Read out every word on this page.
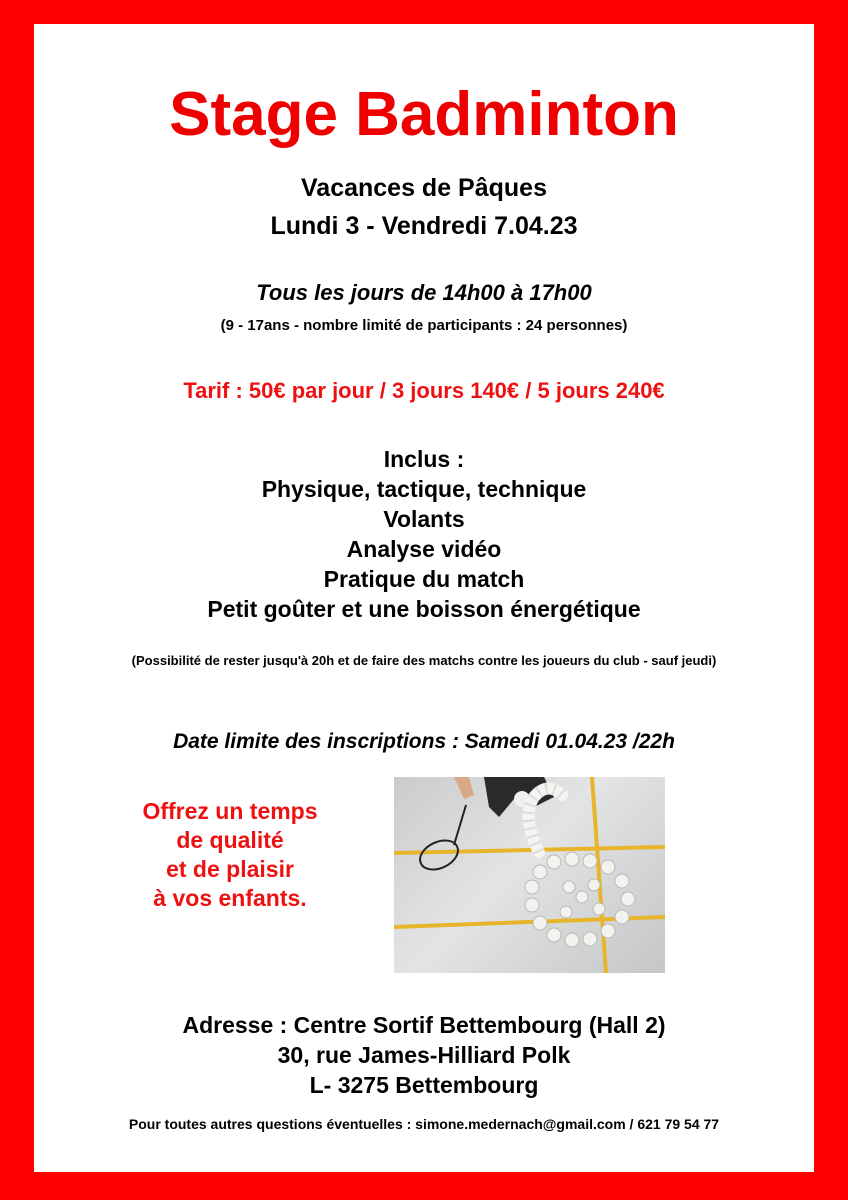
Stage Badminton
Vacances de Pâques
Lundi 3 - Vendredi 7.04.23
Tous les jours de 14h00 à 17h00
(9 - 17ans - nombre limité de participants : 24 personnes)
Tarif : 50€ par jour / 3 jours 140€ / 5 jours 240€
Inclus :
Physique, tactique, technique
Volants
Analyse vidéo
Pratique du match
Petit goûter et une boisson énergétique
(Possibilité de rester jusqu'à 20h et de faire des matchs contre les joueurs du club - sauf jeudi)
Date limite des inscriptions : Samedi 01.04.23 /22h
Offrez un temps
de qualité
et de plaisir
à vos enfants.
Adresse : Centre Sortif Bettembourg (Hall 2)
30, rue James-Hilliard Polk
L- 3275 Bettembourg
Pour toutes autres questions éventuelles : simone.medernach@gmail.com / 621 79 54 77
